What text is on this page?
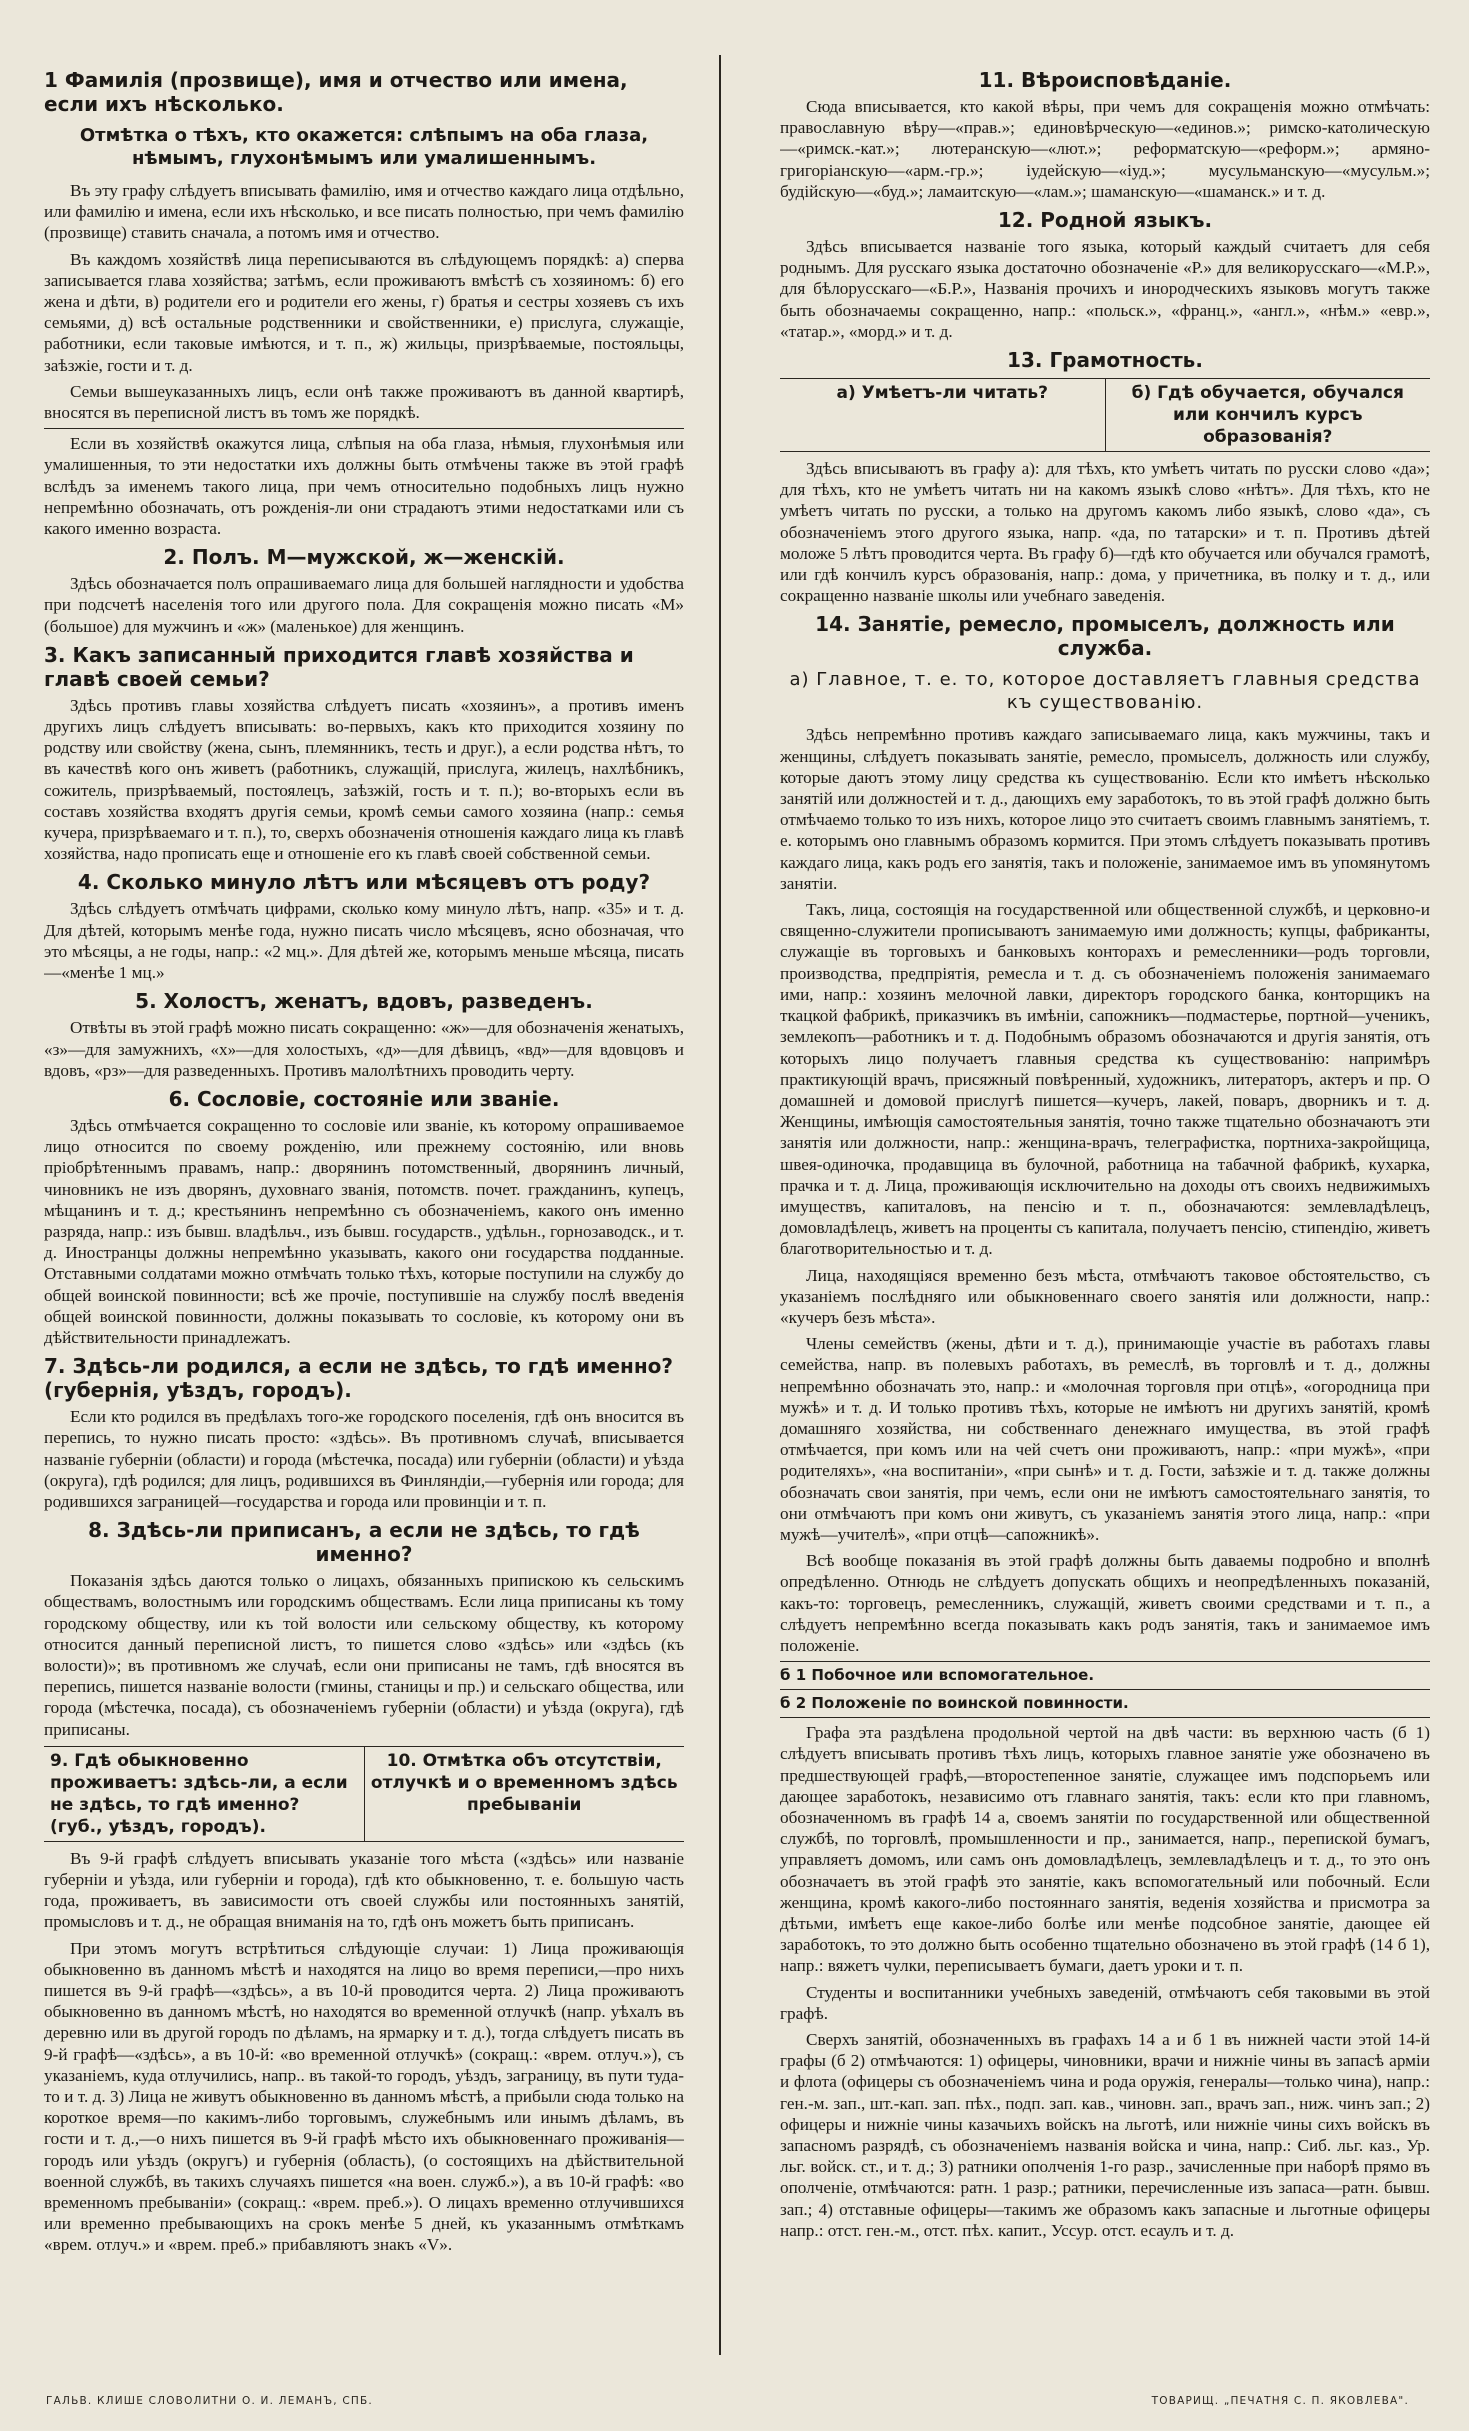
1 Фамилія (прозвище), имя и отчество или имена, если ихъ нѣсколько.
Отмѣтка о тѣхъ, кто окажется: слѣпымъ на оба глаза, нѣмымъ, глухонѣмымъ или умалишеннымъ.

Въ эту графу слѣдуетъ вписывать фамилію, имя и отчество каждаго лица отдѣльно, или фамилію и имена, если ихъ нѣсколько, и все писать полностью, при чемъ фамилію (прозвище) ставить сначала, а потомъ имя и отчество.

Въ каждомъ хозяйствѣ лица переписываются въ слѣдующемъ порядкѣ: а) сперва записывается глава хозяйства; затѣмъ, если проживаютъ вмѣстѣ съ хозяиномъ: б) его жена и дѣти, в) родители его и родители его жены, г) братья и сестры хозяевъ съ ихъ семьями, д) всѣ остальные родственники и свойственники, е) прислуга, служащіе, работники, если таковые имѣются, и т. п., ж) жильцы, призрѣваемые, постояльцы, заѣзжіе, гости и т. д.

Семьи вышеуказанныхъ лицъ, если онѣ также проживаютъ въ данной квартирѣ, вносятся въ переписной листъ въ томъ же порядкѣ.

Если въ хозяйствѣ окажутся лица, слѣпыя на оба глаза, нѣмыя, глухонѣмыя или умалишенныя, то эти недостатки ихъ должны быть отмѣчены также въ этой графѣ вслѣдъ за именемъ такого лица, при чемъ относительно подобныхъ лицъ нужно непремѣнно обозначать, отъ рожденія-ли они страдаютъ этими недостатками или съ какого именно возраста.

2. Полъ. М—мужской, ж—женскій.

Здѣсь обозначается полъ опрашиваемаго лица для большей наглядности и удобства при подсчетѣ населенія того или другого пола. Для сокращенія можно писать «М» (большое) для мужчинъ и «ж» (маленькое) для женщинъ.

3. Какъ записанный приходится главѣ хозяйства и главѣ своей семьи?

Здѣсь противъ главы хозяйства слѣдуетъ писать «хозяинъ», а противъ именъ другихъ лицъ слѣдуетъ вписывать: во-первыхъ, какъ кто приходится хозяину по родству или свойству (жена, сынъ, племянникъ, тесть и друг.), а если родства нѣтъ, то въ качествѣ кого онъ живетъ (работникъ, служащій, прислуга, жилецъ, нахлѣбникъ, сожитель, призрѣваемый, постоялецъ, заѣзжій, гость и т. п.); во-вторыхъ если въ составъ хозяйства входятъ другія семьи, кромѣ семьи самого хозяина (напр.: семья кучера, призрѣваемаго и т. п.), то, сверхъ обозначенія отношенія каждаго лица къ главѣ хозяйства, надо прописать еще и отношеніе его къ главѣ своей собственной семьи.

4. Сколько минуло лѣтъ или мѣсяцевъ отъ роду?

Здѣсь слѣдуетъ отмѣчать цифрами, сколько кому минуло лѣтъ, напр. «35» и т. д. Для дѣтей, которымъ менѣе года, нужно писать число мѣсяцевъ, ясно обозначая, что это мѣсяцы, а не годы, напр.: «2 мц.». Для дѣтей же, которымъ меньше мѣсяца, писать—«менѣе 1 мц.»

5. Холостъ, женатъ, вдовъ, разведенъ.

Отвѣты въ этой графѣ можно писать сокращенно: «ж»—для обозначенія женатыхъ, «з»—для замужнихъ, «х»—для холостыхъ, «д»—для дѣвицъ, «вд»—для вдовцовъ и вдовъ, «рз»—для разведенныхъ. Противъ малолѣтнихъ проводить черту.

6. Сословіе, состояніе или званіе.

Здѣсь отмѣчается сокращенно то сословіе или званіе, къ которому опрашиваемое лицо относится по своему рожденію, или прежнему состоянію, или вновь пріобрѣтеннымъ правамъ, напр.: дворянинъ потомственный, дворянинъ личный, чиновникъ не изъ дворянъ, духовнаго званія, потомств. почет. гражданинъ, купецъ, мѣщанинъ и т. д.; крестьянинъ непремѣнно съ обозначеніемъ, какого онъ именно разряда, напр.: изъ бывш. владѣльч., изъ бывш. государств., удѣльн., горнозаводск., и т. д. Иностранцы должны непремѣнно указывать, какого они государства подданные. Отставными солдатами можно отмѣчать только тѣхъ, которые поступили на службу до общей воинской повинности; всѣ же прочіе, поступившіе на службу послѣ введенія общей воинской повинности, должны показывать то сословіе, къ которому они въ дѣйствительности принадлежатъ.

7. Здѣсь-ли родился, а если не здѣсь, то гдѣ именно? (губернія, уѣздъ, городъ).

Если кто родился въ предѣлахъ того-же городского поселенія, гдѣ онъ вносится въ перепись, то нужно писать просто: «здѣсь». Въ противномъ случаѣ, вписывается названіе губерніи (области) и города (мѣстечка, посада) или губерніи (области) и уѣзда (округа), гдѣ родился; для лицъ, родившихся въ Финляндіи,—губернія или города; для родившихся заграницей—государства и города или провинціи и т. п.

8. Здѣсь-ли приписанъ, а если не здѣсь, то гдѣ именно?

Показанія здѣсь даются только о лицахъ, обязанныхъ припискою къ сельскимъ обществамъ, волостнымъ или городскимъ обществамъ. Если лица приписаны къ тому городскому обществу, или къ той волости или сельскому обществу, къ которому относится данный переписной листъ, то пишется слово «здѣсь» или «здѣсь (къ волости)»; въ противномъ же случаѣ, если они приписаны не тамъ, гдѣ вносятся въ перепись, пишется названіе волости (гмины, станицы и пр.) и сельскаго общества, или города (мѣстечка, посада), съ обозначеніемъ губерніи (области) и уѣзда (округа), гдѣ приписаны.

9. Гдѣ обыкновенно проживаетъ: здѣсь-ли, а если не здѣсь, то гдѣ именно? (губ., уѣздъ, городъ).
10. Отмѣтка объ отсутствіи, отлучкѣ и о временномъ здѣсь пребываніи

Въ 9-й графѣ слѣдуетъ вписывать указаніе того мѣста («здѣсь» или названіе губерніи и уѣзда, или губерніи и города), гдѣ кто обыкновенно, т. е. большую часть года, проживаетъ, въ зависимости отъ своей службы или постоянныхъ занятій, промысловъ и т. д., не обращая вниманія на то, гдѣ онъ можетъ быть приписанъ.

При этомъ могутъ встрѣтиться слѣдующіе случаи: 1) Лица проживающія обыкновенно въ данномъ мѣстѣ и находятся на лицо во время переписи,—про нихъ пишется въ 9-й графѣ—«здѣсь», а въ 10-й проводится черта. 2) Лица проживаютъ обыкновенно въ данномъ мѣстѣ, но находятся во временной отлучкѣ (напр. уѣхалъ въ деревню или въ другой городъ по дѣламъ, на ярмарку и т. д.), тогда слѣдуетъ писать въ 9-й графѣ—«здѣсь», а въ 10-й: «во временной отлучкѣ» (сокращ.: «врем. отлуч.»), съ указаніемъ, куда отлучились, напр.. въ такой-то городъ, уѣздъ, заграницу, въ пути туда-то и т. д. 3) Лица не живутъ обыкновенно въ данномъ мѣстѣ, а прибыли сюда только на короткое время—по какимъ-либо торговымъ, служебнымъ или инымъ дѣламъ, въ гости и т. д.,—о нихъ пишется въ 9-й графѣ мѣсто ихъ обыкновеннаго проживанія—городъ или уѣздъ (округъ) и губернія (область), (о состоящихъ на дѣйствительной военной службѣ, въ такихъ случаяхъ пишется «на воен. служб.»), а въ 10-й графѣ: «во временномъ пребываніи» (сокращ.: «врем. преб.»). О лицахъ временно отлучившихся или временно пребывающихъ на срокъ менѣе 5 дней, къ указаннымъ отмѣткамъ «врем. отлуч.» и «врем. преб.» прибавляютъ знакъ «V».

11. Вѣроисповѣданіе.

Сюда вписывается, кто какой вѣры, при чемъ для сокращенія можно отмѣчать: православную вѣру—«прав.»; единовѣрческую—«единов.»; римско-католическую—«римск.-кат.»; лютеранскую—«лют.»; реформатскую—«реформ.»; армяно-григоріанскую—«арм.-гр.»; іудейскую—«іуд.»; мусульманскую—«мусульм.»; будійскую—«буд.»; ламаитскую—«лам.»; шаманскую—«шаманск.» и т. д.

12. Родной языкъ.

Здѣсь вписывается названіе того языка, который каждый считаетъ для себя роднымъ. Для русскаго языка достаточно обозначеніе «Р.» для великорусскаго—«М.Р.», для бѣлорусскаго—«Б.Р.», Названія прочихъ и инородческихъ языковъ могутъ также быть обозначаемы сокращенно, напр.: «польск.», «франц.», «англ.», «нѣм.» «евр.», «татар.», «морд.» и т. д.

13. Грамотность.
а) Умѣетъ-ли читать?	б) Гдѣ обучается, обучался или кончилъ курсъ образованія?

Здѣсь вписываютъ въ графу а): для тѣхъ, кто умѣетъ читать по русски слово «да»; для тѣхъ, кто не умѣетъ читать ни на какомъ языкѣ слово «нѣтъ». Для тѣхъ, кто не умѣетъ читать по русски, а только на другомъ какомъ либо языкѣ, слово «да», съ обозначеніемъ этого другого языка, напр. «да, по татарски» и т. п. Противъ дѣтей моложе 5 лѣтъ проводится черта. Въ графу б)—гдѣ кто обучается или обучался грамотѣ, или гдѣ кончилъ курсъ образованія, напр.: дома, у причетника, въ полку и т. д., или сокращенно названіе школы или учебнаго заведенія.

14. Занятіе, ремесло, промыселъ, должность или служба.
а) Главное, т. е. то, которое доставляетъ главныя средства къ существованію.

Здѣсь непремѣнно противъ каждаго записываемаго лица, какъ мужчины, такъ и женщины, слѣдуетъ показывать занятіе, ремесло, промыселъ, должность или службу, которые даютъ этому лицу средства къ существованію. Если кто имѣетъ нѣсколько занятій или должностей и т. д., дающихъ ему заработокъ, то въ этой графѣ должно быть отмѣчаемо только то изъ нихъ, которое лицо это считаетъ своимъ главнымъ занятіемъ, т. е. которымъ оно главнымъ образомъ кормится. При этомъ слѣдуетъ показывать противъ каждаго лица, какъ родъ его занятія, такъ и положеніе, занимаемое имъ въ упомянутомъ занятіи.

Такъ, лица, состоящія на государственной или общественной службѣ, и церковно-и священно-служители прописываютъ занимаемую ими должность; купцы, фабриканты, служащіе въ торговыхъ и банковыхъ конторахъ и ремесленники—родъ торговли, производства, предпріятія, ремесла и т. д. съ обозначеніемъ положенія занимаемаго ими, напр.: хозяинъ мелочной лавки, директоръ городского банка, конторщикъ на ткацкой фабрикѣ, приказчикъ въ имѣніи, сапожникъ—подмастерье, портной—ученикъ, землекопъ—работникъ и т. д. Подобнымъ образомъ обозначаются и другія занятія, отъ которыхъ лицо получаетъ главныя средства къ существованію: напримѣръ практикующій врачъ, присяжный повѣренный, художникъ, литераторъ, актеръ и пр. О домашней и домовой прислугѣ пишется—кучеръ, лакей, поваръ, дворникъ и т. д. Женщины, имѣющія самостоятельныя занятія, точно также тщательно обозначаютъ эти занятія или должности, напр.: женщина-врачъ, телеграфистка, портниха-закройщица, швея-одиночка, продавщица въ булочной, работница на табачной фабрикѣ, кухарка, прачка и т. д. Лица, проживающія исключительно на доходы отъ своихъ недвижимыхъ имуществъ, капиталовъ, на пенсію и т. п., обозначаются: землевладѣлецъ, домовладѣлецъ, живетъ на проценты съ капитала, получаетъ пенсію, стипендію, живетъ благотворительностью и т. д.

Лица, находящіяся временно безъ мѣста, отмѣчаютъ таковое обстоятельство, съ указаніемъ послѣдняго или обыкновеннаго своего занятія или должности, напр.: «кучеръ безъ мѣста».

Члены семействъ (жены, дѣти и т. д.), принимающіе участіе въ работахъ главы семейства, напр. въ полевыхъ работахъ, въ ремеслѣ, въ торговлѣ и т. д., должны непремѣнно обозначать это, напр.: и «молочная торговля при отцѣ», «огородница при мужѣ» и т. д. И только противъ тѣхъ, которые не имѣютъ ни другихъ занятій, кромѣ домашняго хозяйства, ни собственнаго денежнаго имущества, въ этой графѣ отмѣчается, при комъ или на чей счетъ они проживаютъ, напр.: «при мужѣ», «при родителяхъ», «на воспитаніи», «при сынѣ» и т. д. Гости, заѣзжіе и т. д. также должны обозначать свои занятія, при чемъ, если они не имѣютъ самостоятельнаго занятія, то они отмѣчаютъ при комъ они живутъ, съ указаніемъ занятія этого лица, напр.: «при мужѣ—учителѣ», «при отцѣ—сапожникѣ».

Всѣ вообще показанія въ этой графѣ должны быть даваемы подробно и вполнѣ опредѣленно. Отнюдь не слѣдуетъ допускать общихъ и неопредѣленныхъ показаній, какъ-то: торговецъ, ремесленникъ, служащій, живетъ своими средствами и т. п., а слѣдуетъ непремѣнно всегда показывать какъ родъ занятія, такъ и занимаемое имъ положеніе.

б 1 Побочное или вспомогательное.
б 2 Положеніе по воинской повинности.

Графа эта раздѣлена продольной чертой на двѣ части: въ верхнюю часть (б 1) слѣдуетъ вписывать противъ тѣхъ лицъ, которыхъ главное занятіе уже обозначено въ предшествующей графѣ,—второстепенное занятіе, служащее имъ подспорьемъ или дающее заработокъ, независимо отъ главнаго занятія, такъ: если кто при главномъ, обозначенномъ въ графѣ 14 а, своемъ занятіи по государственной или общественной службѣ, по торговлѣ, промышленности и пр., занимается, напр., перепиской бумагъ, управляетъ домомъ, или самъ онъ домовладѣлецъ, землевладѣлецъ и т. д., то это онъ обозначаетъ въ этой графѣ это занятіе, какъ вспомогательный или побочный. Если женщина, кромѣ какого-либо постояннаго занятія, веденія хозяйства и присмотра за дѣтьми, имѣетъ еще какое-либо болѣе или менѣе подсобное занятіе, дающее ей заработокъ, то это должно быть особенно тщательно обозначено въ этой графѣ (14 б 1), напр.: вяжетъ чулки, переписываетъ бумаги, даетъ уроки и т. п.

Студенты и воспитанники учебныхъ заведеній, отмѣчаютъ себя таковыми въ этой графѣ.

Сверхъ занятій, обозначенныхъ въ графахъ 14 а и б 1 въ нижней части этой 14-й графы (б 2) отмѣчаются: 1) офицеры, чиновники, врачи и нижніе чины въ запасѣ арміи и флота (офицеры съ обозначеніемъ чина и рода оружія, генералы—только чина), напр.: ген.-м. зап., шт.-кап. зап. пѣх., подп. зап. кав., чиновн. зап., врачъ зап., ниж. чинъ зап.; 2) офицеры и нижніе чины казачьихъ войскъ на льготѣ, или нижніе чины сихъ войскъ въ запасномъ разрядѣ, съ обозначеніемъ названія войска и чина, напр.: Сиб. льг. каз., Ур. льг. войск. ст., и т. д.; 3) ратники ополченія 1-го разр., зачисленные при наборѣ прямо въ ополченіе, отмѣчаются: ратн. 1 разр.; ратники, перечисленные изъ запаса—ратн. бывш. зап.; 4) отставные офицеры—такимъ же образомъ какъ запасные и льготные офицеры напр.: отст. ген.-м., отст. пѣх. капит., Уссур. отст. есаулъ и т. д.

ГАЛЬВ. КЛИШЕ СЛОВОЛИТНИ О. И. ЛЕМАНЪ, СПБ.	ТОВАРИЩ. „ПЕЧАТНЯ С. П. ЯКОВЛЕВА".
